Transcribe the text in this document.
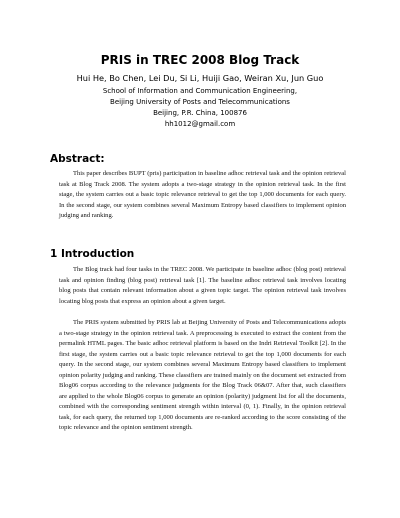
PRIS in TREC 2008 Blog Track
Hui He, Bo Chen, Lei Du, Si Li, Huiji Gao, Weiran Xu, Jun Guo
School of Information and Communication Engineering,
Beijing University of Posts and Telecommunications
Beijing, P.R. China, 100876
hh1012@gmail.com
Abstract:

This paper describes BUPT (pris) participation in baseline adhoc retrieval task and the opinion retrieval task at Blog Track 2008. The system adopts a two-stage strategy in the opinion retrieval task. In the first stage, the system carries out a basic topic relevance retrieval to get the top 1,000 documents for each query. In the second stage, our system combines several Maximum Entropy based classifiers to implement opinion judging and ranking.

1 Introduction

The Blog track had four tasks in the TREC 2008. We participate in baseline adhoc (blog post) retrieval task and opinion finding (blog post) retrieval task [1]. The baseline adhoc retrieval task involves locating blog posts that contain relevant information about a given topic target. The opinion retrieval task involves locating blog posts that express an opinion about a given target.

The PRIS system submitted by PRIS lab at Beijing University of Posts and Telecommunications adopts a two-stage strategy in the opinion retrieval task. A preprocessing is executed to extract the content from the permalink HTML pages. The basic adhoc retrieval platform is based on the Indri Retrieval Toolkit [2]. In the first stage, the system carries out a basic topic relevance retrieval to get the top 1,000 documents for each query. In the second stage, our system combines several Maximum Entropy based classifiers to implement opinion polarity judging and ranking. These classifiers are trained mainly on the document set extracted from Blog06 corpus according to the relevance judgments for the Blog Track 06&07. After that, such classifiers are applied to the whole Blog06 corpus to generate an opinion (polarity) judgment list for all the documents, combined with the corresponding sentiment strength within interval (0, 1). Finally, in the opinion retrieval task, for each query, the returned top 1,000 documents are re-ranked according to the score consisting of the topic relevance and the opinion sentiment strength.
